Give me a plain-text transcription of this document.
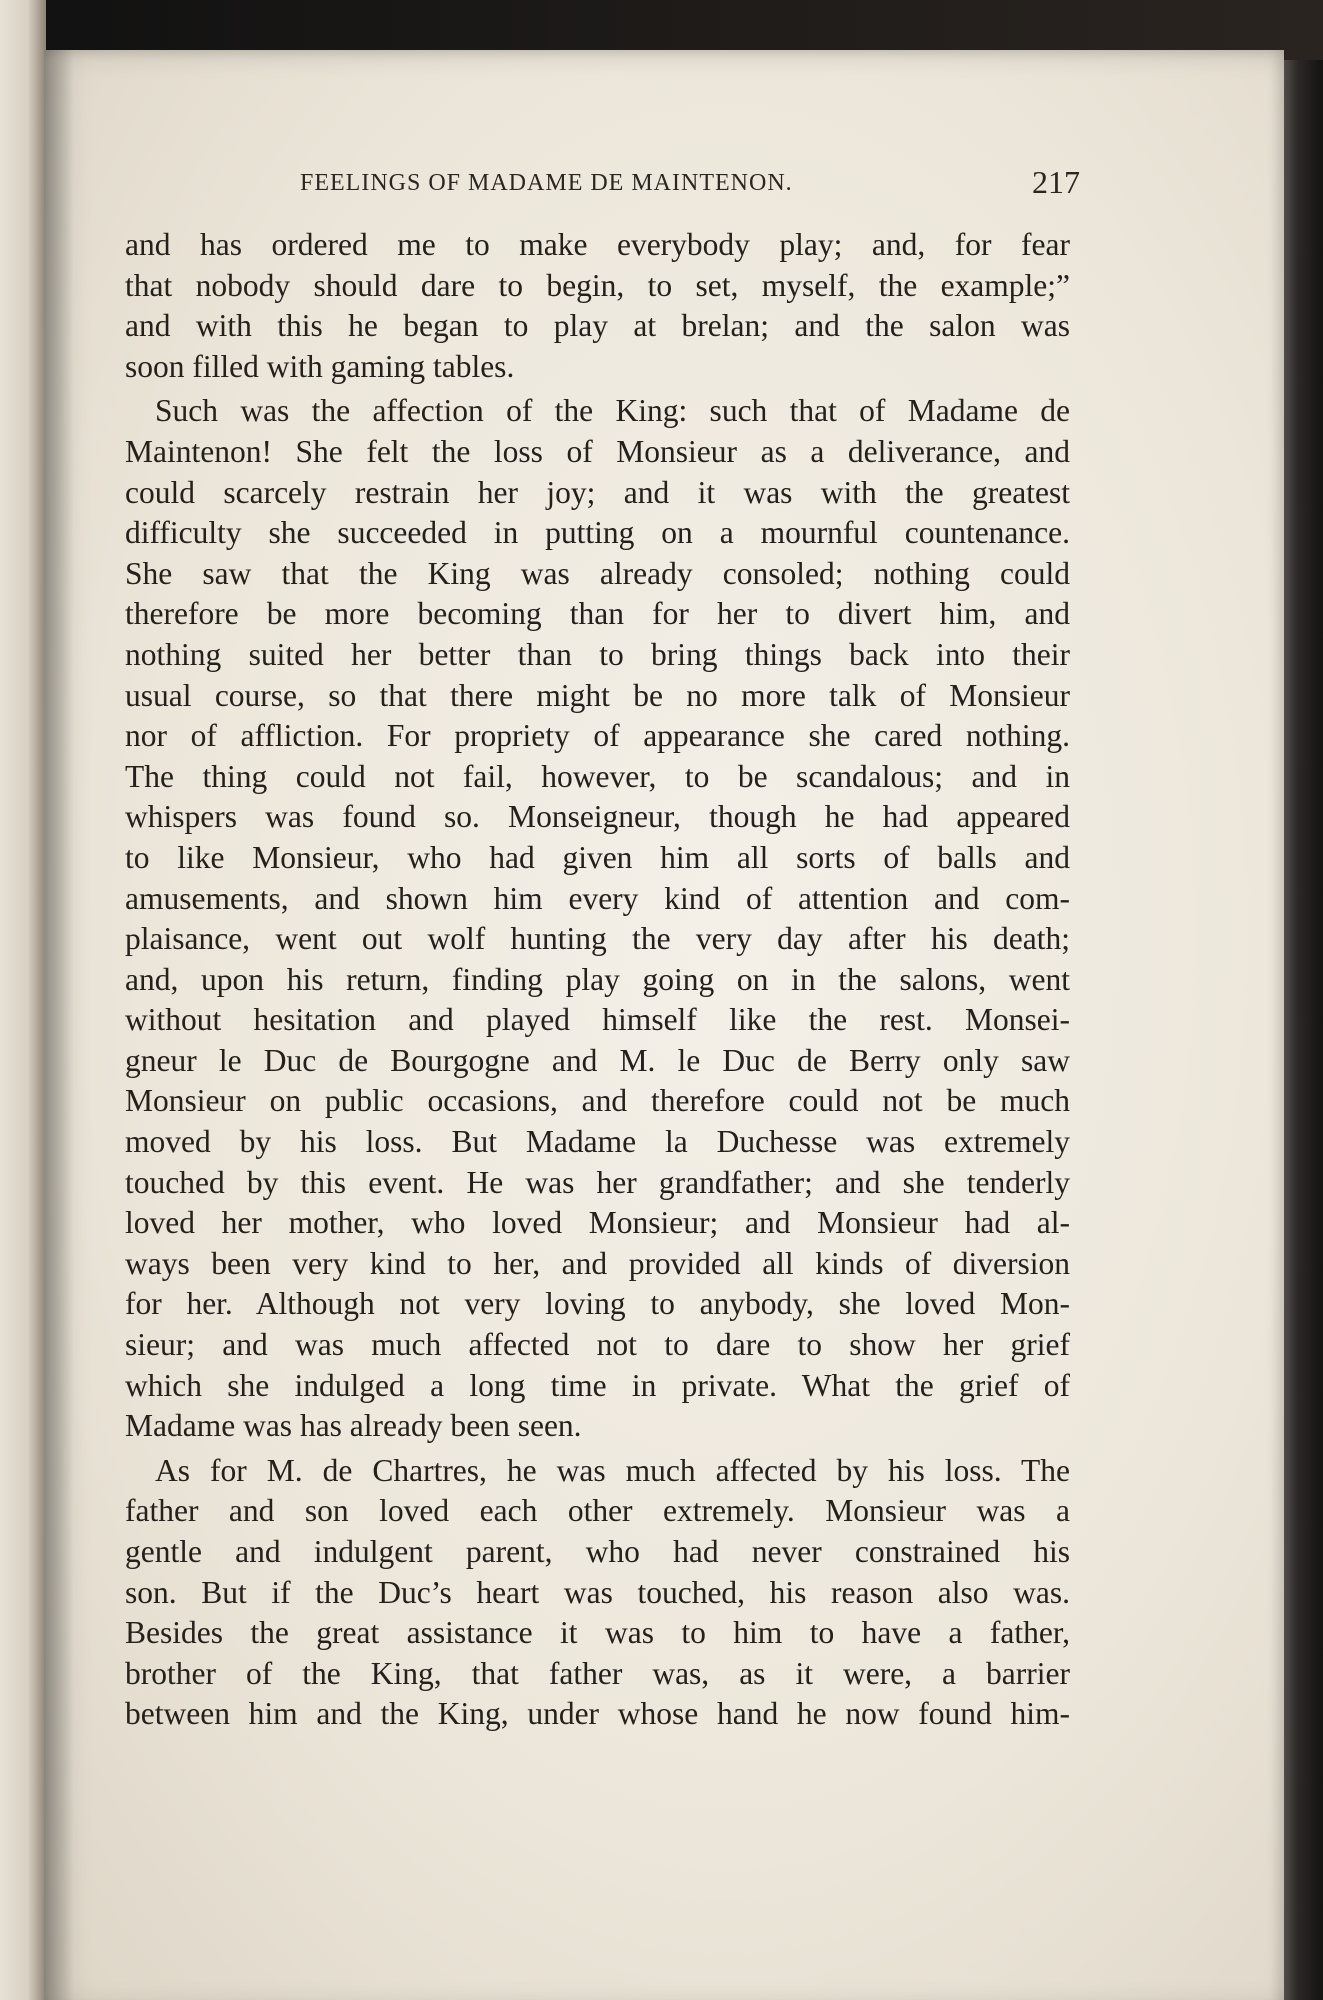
FEELINGS OF MADAME DE MAINTENON.	217
and has ordered me to make everybody play; and, for fear
that nobody should dare to begin, to set, myself, the example;”
and with this he began to play at brelan; and the salon was
soon filled with gaming tables.
Such was the affection of the King: such that of Madame de
Maintenon! She felt the loss of Monsieur as a deliverance, and
could scarcely restrain her joy; and it was with the greatest
difficulty she succeeded in putting on a mournful countenance.
She saw that the King was already consoled; nothing could
therefore be more becoming than for her to divert him, and
nothing suited her better than to bring things back into their
usual course, so that there might be no more talk of Monsieur
nor of affliction. For propriety of appearance she cared nothing.
The thing could not fail, however, to be scandalous; and in
whispers was found so. Monseigneur, though he had appeared
to like Monsieur, who had given him all sorts of balls and
amusements, and shown him every kind of attention and com-
plaisance, went out wolf hunting the very day after his death;
and, upon his return, finding play going on in the salons, went
without hesitation and played himself like the rest. Monsei-
gneur le Duc de Bourgogne and M. le Duc de Berry only saw
Monsieur on public occasions, and therefore could not be much
moved by his loss. But Madame la Duchesse was extremely
touched by this event. He was her grandfather; and she tenderly
loved her mother, who loved Monsieur; and Monsieur had al-
ways been very kind to her, and provided all kinds of diversion
for her. Although not very loving to anybody, she loved Mon-
sieur; and was much affected not to dare to show her grief
which she indulged a long time in private. What the grief of
Madame was has already been seen.
As for M. de Chartres, he was much affected by his loss. The
father and son loved each other extremely. Monsieur was a
gentle and indulgent parent, who had never constrained his
son. But if the Duc’s heart was touched, his reason also was.
Besides the great assistance it was to him to have a father,
brother of the King, that father was, as it were, a barrier
between him and the King, under whose hand he now found him-
